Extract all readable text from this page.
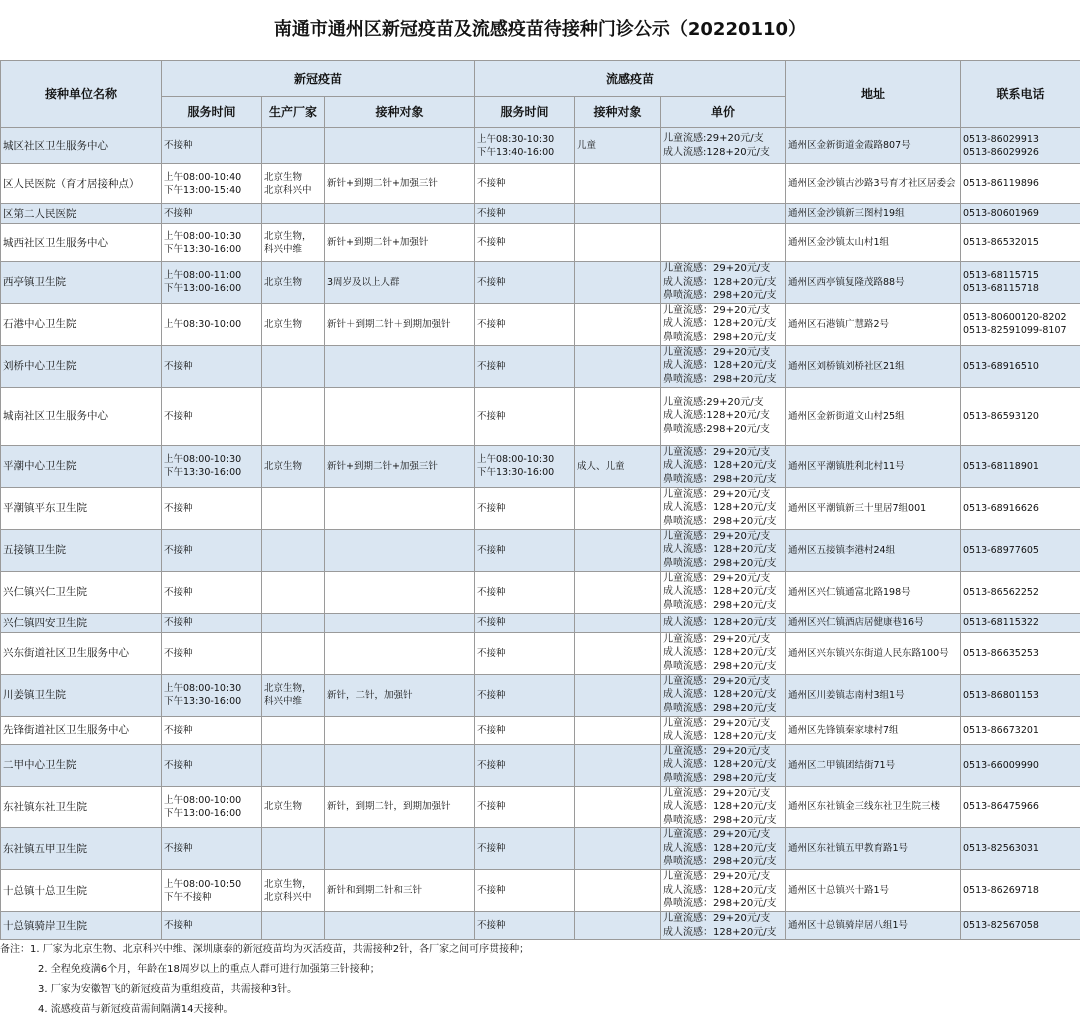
南通市通州区新冠疫苗及流感疫苗待接种门诊公示（20220110）
接种单位名称	新冠疫苗			流感疫苗			地址	联系电话
	服务时间	生产厂家	接种对象	服务时间	接种对象	单价		
城区社区卫生服务中心	不接种			上午08:30-10:30
下午13:40-16:00	儿童	儿童流感:29+20元/支
成人流感:128+20元/支	通州区金新街道金霞路807号	0513-86029913
0513-86029926
区人民医院（育才居接种点）	上午08:00-10:40
下午13:00-15:40	北京生物
北京科兴中	新针+到期二针+加强三针	不接种			通州区金沙镇古沙路3号育才社区居委会	0513-86119896
区第二人民医院	不接种			不接种			通州区金沙镇新三图村19组	0513-80601969
城西社区卫生服务中心	上午08:00-10:30
下午13:30-16:00	北京生物，
科兴中维	新针+到期二针+加强针	不接种			通州区金沙镇太山村1组	0513-86532015
西亭镇卫生院	上午08:00-11:00
下午13:00-16:00	北京生物	3周岁及以上人群	不接种		儿童流感：29+20元/支
成人流感：128+20元/支
鼻喷流感：298+20元/支	通州区西亭镇复隆茂路88号	0513-68115715
0513-68115718
石港中心卫生院	上午08:30-10:00	北京生物	新针＋到期二针＋到期加强针	不接种		儿童流感：29+20元/支
成人流感：128+20元/支
鼻喷流感：298+20元/支	通州区石港镇广慧路2号	0513-80600120-8202
0513-82591099-8107
刘桥中心卫生院	不接种			不接种		儿童流感：29+20元/支
成人流感：128+20元/支
鼻喷流感：298+20元/支	通州区刘桥镇刘桥社区21组	0513-68916510
城南社区卫生服务中心	不接种			不接种		儿童流感:29+20元/支
成人流感:128+20元/支
鼻喷流感:298+20元/支	通州区金新街道文山村25组	0513-86593120
平潮中心卫生院	上午08:00-10:30
下午13:30-16:00	北京生物	新针+到期二针+加强三针	上午08:00-10:30
下午13:30-16:00	成人、儿童	儿童流感：29+20元/支
成人流感：128+20元/支
鼻喷流感：298+20元/支	通州区平潮镇胜利北村11号	0513-68118901
平潮镇平东卫生院	不接种			不接种		儿童流感：29+20元/支
成人流感：128+20元/支
鼻喷流感：298+20元/支	通州区平潮镇新三十里居7组001	0513-68916626
五接镇卫生院	不接种			不接种		儿童流感：29+20元/支
成人流感：128+20元/支
鼻喷流感：298+20元/支	通州区五接镇李港村24组	0513-68977605
兴仁镇兴仁卫生院	不接种			不接种		儿童流感：29+20元/支
成人流感：128+20元/支
鼻喷流感：298+20元/支	通州区兴仁镇通富北路198号	0513-86562252
兴仁镇四安卫生院	不接种			不接种		成人流感：128+20元/支	通州区兴仁镇酒店居健康巷16号	0513-68115322
兴东街道社区卫生服务中心	不接种			不接种		儿童流感：29+20元/支
成人流感：128+20元/支
鼻喷流感：298+20元/支	通州区兴东镇兴东街道人民东路100号	0513-86635253
川姜镇卫生院	上午08:00-10:30
下午13:30-16:00	北京生物，
科兴中维	新针，二针，加强针	不接种		儿童流感：29+20元/支
成人流感：128+20元/支
鼻喷流感：298+20元/支	通州区川姜镇志南村3组1号	0513-86801153
先锋街道社区卫生服务中心	不接种			不接种		儿童流感：29+20元/支
成人流感：128+20元/支	通州区先锋镇秦家埭村7组	0513-86673201
二甲中心卫生院	不接种			不接种		儿童流感：29+20元/支
成人流感：128+20元/支
鼻喷流感：298+20元/支	通州区二甲镇团结街71号	0513-66009990
东社镇东社卫生院	上午08:00-10:00
下午13:00-16:00	北京生物	新针，到期二针，到期加强针	不接种		儿童流感：29+20元/支
成人流感：128+20元/支
鼻喷流感：298+20元/支	通州区东社镇金三线东社卫生院三楼	0513-86475966
东社镇五甲卫生院	不接种			不接种		儿童流感：29+20元/支
成人流感：128+20元/支
鼻喷流感：298+20元/支	通州区东社镇五甲教育路1号	0513-82563031
十总镇十总卫生院	上午08:00-10:50
下午不接种	北京生物，
北京科兴中	新针和到期二针和三针	不接种		儿童流感：29+20元/支
成人流感：128+20元/支
鼻喷流感：298+20元/支	通州区十总镇兴十路1号	0513-86269718
十总镇骑岸卫生院	不接种			不接种		儿童流感：29+20元/支
成人流感：128+20元/支	通州区十总镇骑岸居八组1号	0513-82567058
备注：1. 厂家为北京生物、北京科兴中维、深圳康泰的新冠疫苗均为灭活疫苗，共需接种2针，各厂家之间可序贯接种；
2. 全程免疫满6个月，年龄在18周岁以上的重点人群可进行加强第三针接种；
3. 厂家为安徽智飞的新冠疫苗为重组疫苗，共需接种3针。
4. 流感疫苗与新冠疫苗需间隔满14天接种。
